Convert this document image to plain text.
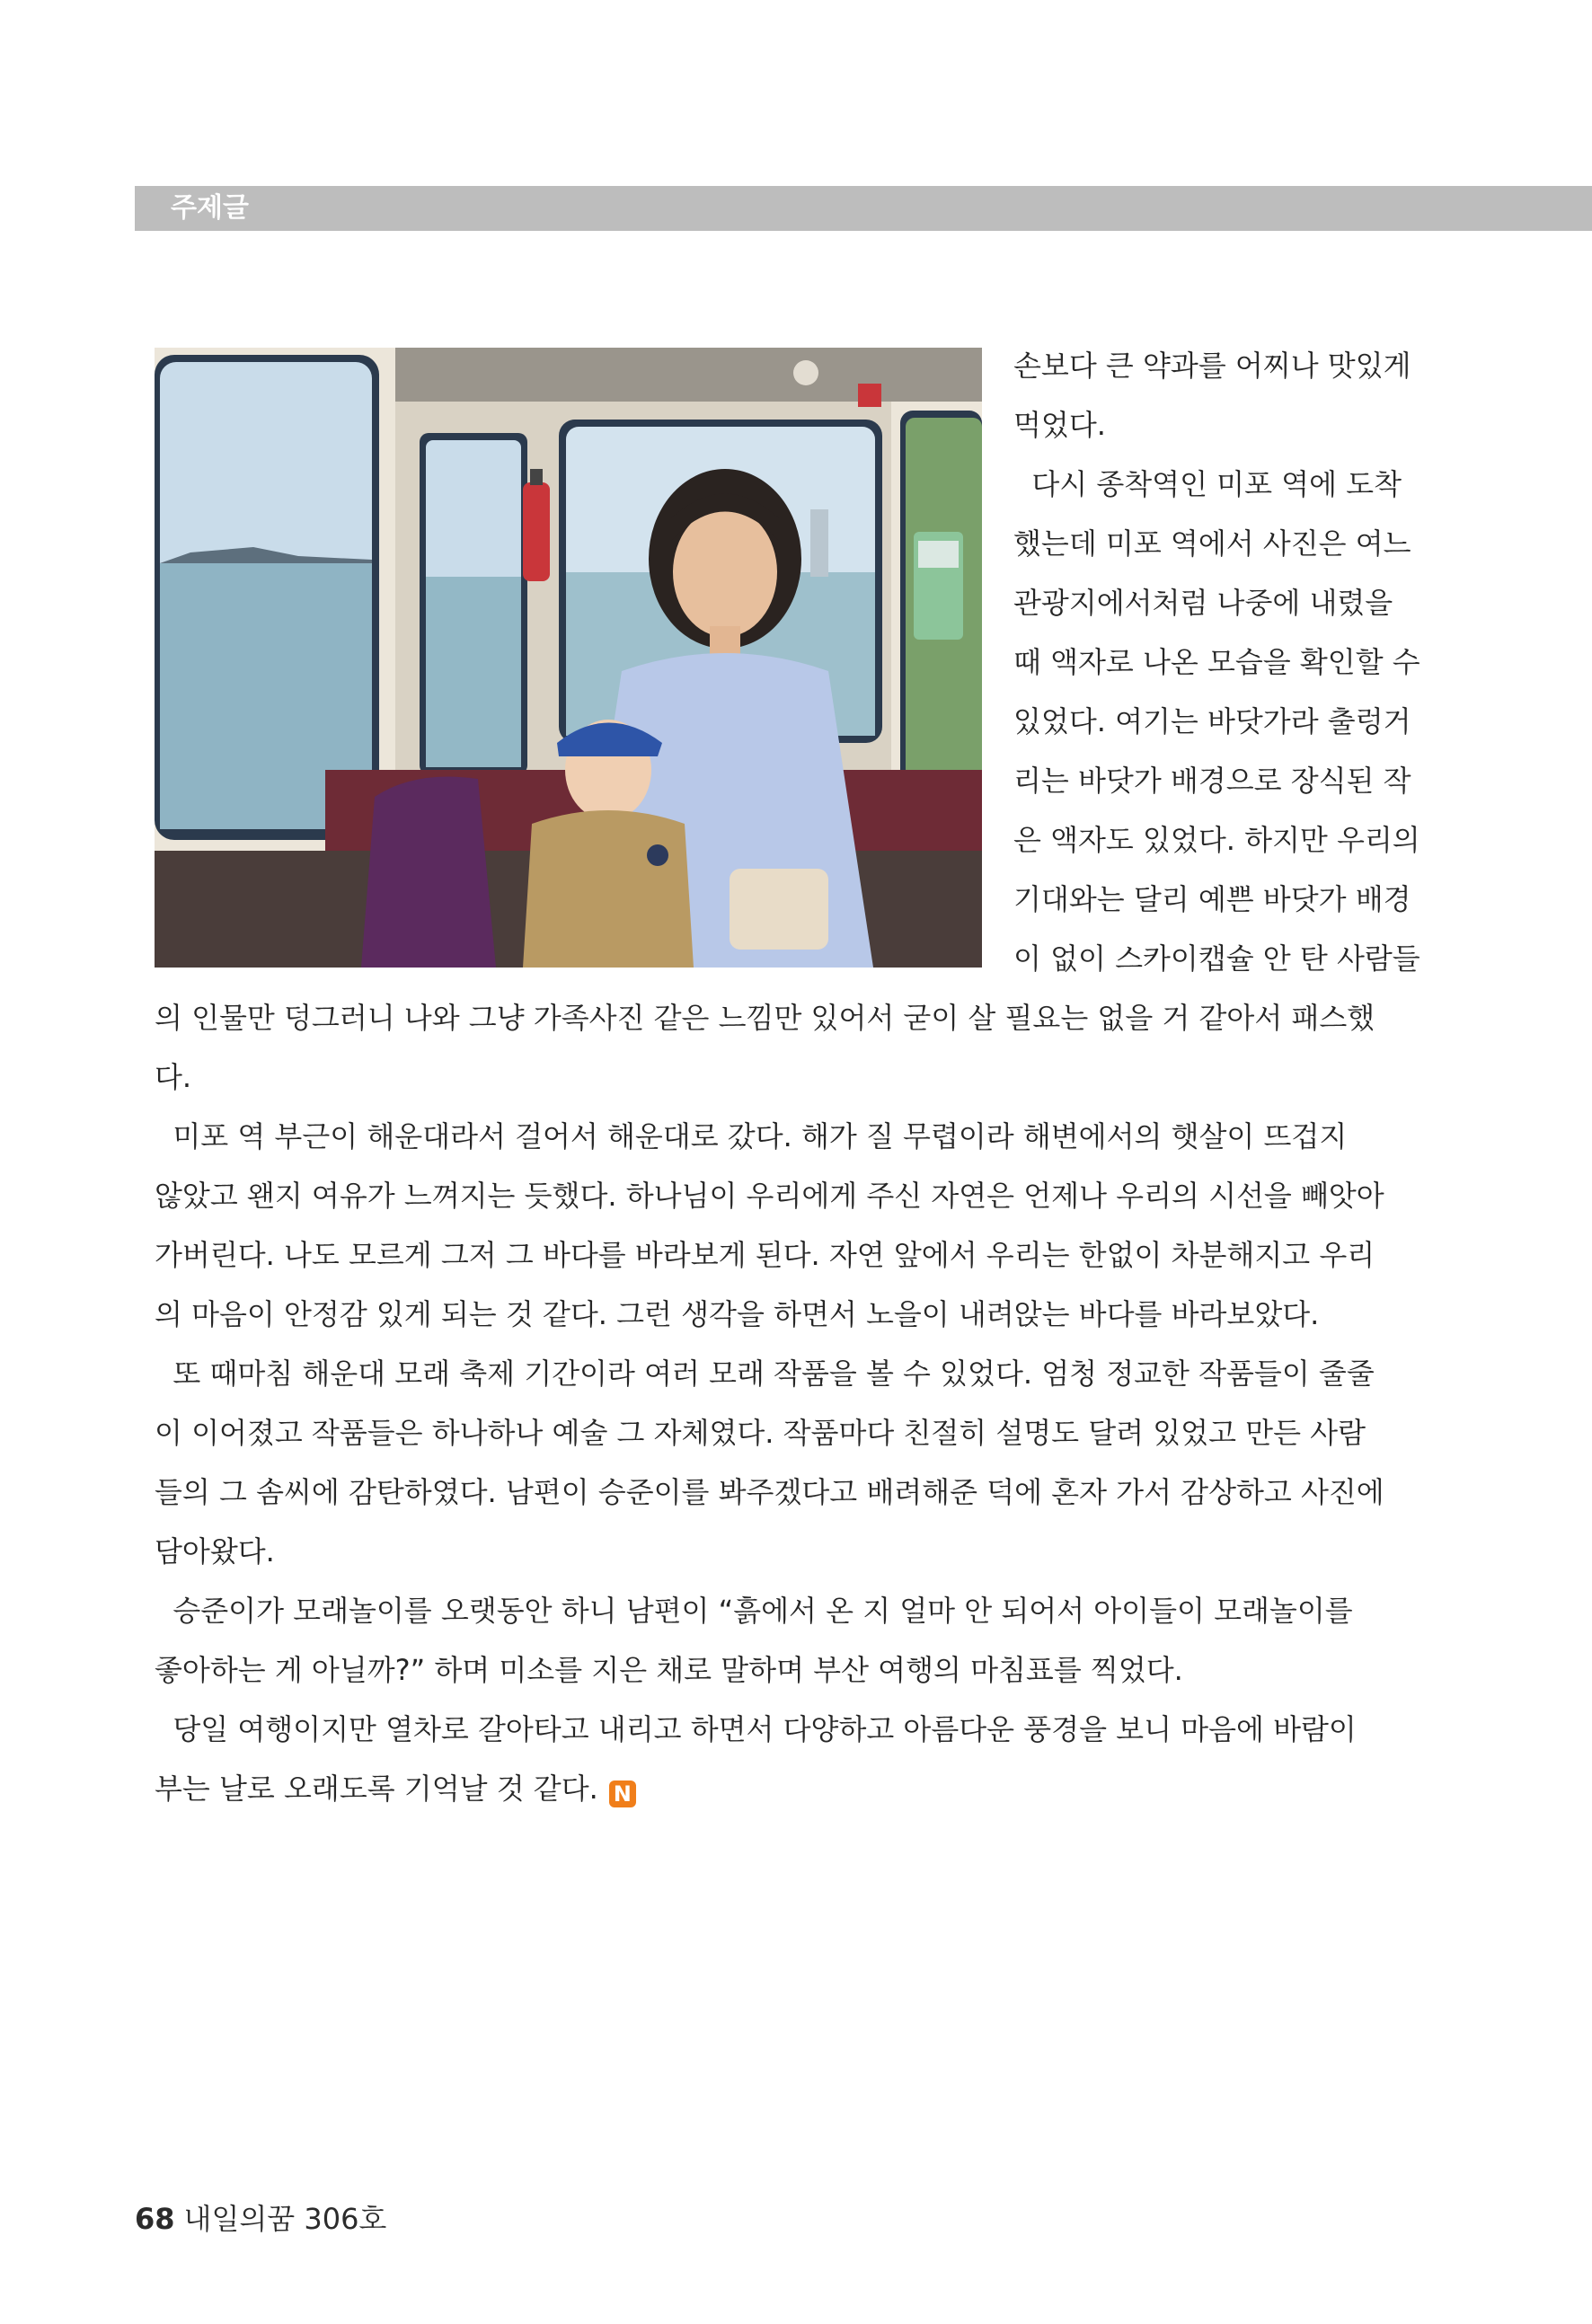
주제글

손보다 큰 약과를 어찌나 맛있게

먹었다.

다시 종착역인 미포 역에 도착

했는데 미포 역에서 사진은 여느

관광지에서처럼 나중에 내렸을

때 액자로 나온 모습을 확인할 수

있었다. 여기는 바닷가라 출렁거

리는 바닷가 배경으로 장식된 작

은 액자도 있었다. 하지만 우리의

기대와는 달리 예쁜 바닷가 배경

이 없이 스카이캡슐 안 탄 사람들

의 인물만 덩그러니 나와 그냥 가족사진 같은 느낌만 있어서 굳이 살 필요는 없을 거 같아서 패스했

다.

미포 역 부근이 해운대라서 걸어서 해운대로 갔다. 해가 질 무렵이라 해변에서의 햇살이 뜨겁지

않았고 왠지 여유가 느껴지는 듯했다. 하나님이 우리에게 주신 자연은 언제나 우리의 시선을 빼앗아

가버린다. 나도 모르게 그저 그 바다를 바라보게 된다. 자연 앞에서 우리는 한없이 차분해지고 우리

의 마음이 안정감 있게 되는 것 같다. 그런 생각을 하면서 노을이 내려앉는 바다를 바라보았다.

또 때마침 해운대 모래 축제 기간이라 여러 모래 작품을 볼 수 있었다. 엄청 정교한 작품들이 줄줄

이 이어졌고 작품들은 하나하나 예술 그 자체였다. 작품마다 친절히 설명도 달려 있었고 만든 사람

들의 그 솜씨에 감탄하였다. 남편이 승준이를 봐주겠다고 배려해준 덕에 혼자 가서 감상하고 사진에

담아왔다.

승준이가 모래놀이를 오랫동안 하니 남편이 “흙에서 온 지 얼마 안 되어서 아이들이 모래놀이를

좋아하는 게 아닐까?” 하며 미소를 지은 채로 말하며 부산 여행의 마침표를 찍었다.

당일 여행이지만 열차로 갈아타고 내리고 하면서 다양하고 아름다운 풍경을 보니 마음에 바람이

부는 날로 오래도록 기억날 것 같다. N
68 내일의꿈 306호
